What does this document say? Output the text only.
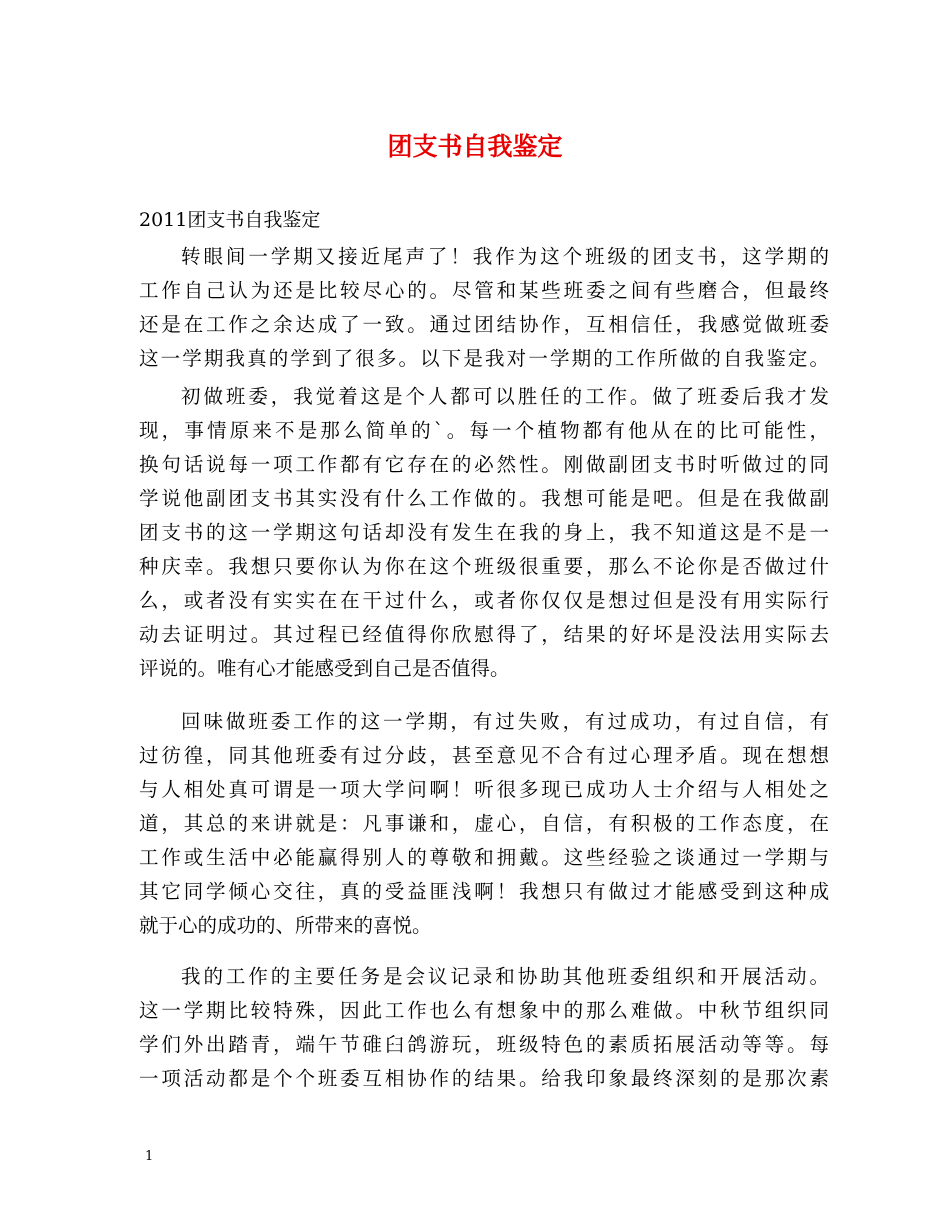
团支书自我鉴定
2011团支书自我鉴定
转眼间一学期又接近尾声了！我作为这个班级的团支书，这学期的
工作自己认为还是比较尽心的。尽管和某些班委之间有些磨合，但最终
还是在工作之余达成了一致。通过团结协作，互相信任，我感觉做班委
这一学期我真的学到了很多。以下是我对一学期的工作所做的自我鉴定。
初做班委，我觉着这是个人都可以胜任的工作。做了班委后我才发
现，事情原来不是那么简单的`。每一个植物都有他从在的比可能性，
换句话说每一项工作都有它存在的必然性。刚做副团支书时听做过的同
学说他副团支书其实没有什么工作做的。我想可能是吧。但是在我做副
团支书的这一学期这句话却没有发生在我的身上，我不知道这是不是一
种庆幸。我想只要你认为你在这个班级很重要，那么不论你是否做过什
么，或者没有实实在在干过什么，或者你仅仅是想过但是没有用实际行
动去证明过。其过程已经值得你欣慰得了，结果的好坏是没法用实际去
评说的。唯有心才能感受到自己是否值得。
回味做班委工作的这一学期，有过失败，有过成功，有过自信，有
过彷徨，同其他班委有过分歧，甚至意见不合有过心理矛盾。现在想想
与人相处真可谓是一项大学问啊！听很多现已成功人士介绍与人相处之
道，其总的来讲就是：凡事谦和，虚心，自信，有积极的工作态度，在
工作或生活中必能赢得别人的尊敬和拥戴。这些经验之谈通过一学期与
其它同学倾心交往，真的受益匪浅啊！我想只有做过才能感受到这种成
就于心的成功的、所带来的喜悦。
我的工作的主要任务是会议记录和协助其他班委组织和开展活动。
这一学期比较特殊，因此工作也么有想象中的那么难做。中秋节组织同
学们外出踏青，端午节碓臼鸽游玩，班级特色的素质拓展活动等等。每
一项活动都是个个班委互相协作的结果。给我印象最终深刻的是那次素
1
